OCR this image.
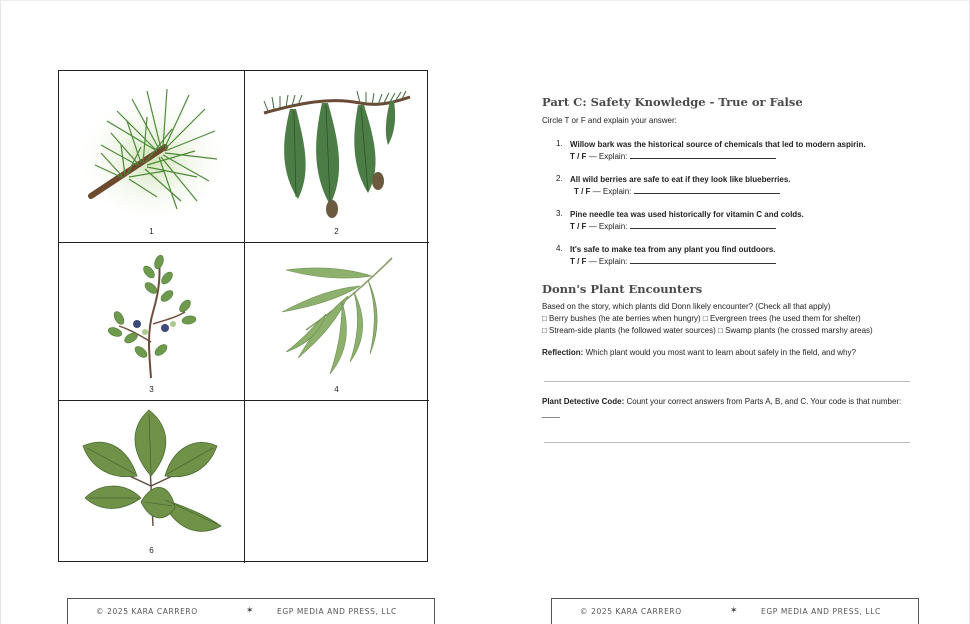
1	2
3	4
6
Part C: Safety Knowledge - True or False
Circle T or F and explain your answer:
1. Willow bark was the historical source of chemicals that led to modern aspirin.
T / F — Explain:
2. All wild berries are safe to eat if they look like blueberries.
T / F — Explain:
3. Pine needle tea was used historically for vitamin C and colds.
T / F — Explain:
4. It's safe to make tea from any plant you find outdoors.
T / F — Explain:
Donn's Plant Encounters
Based on the story, which plants did Donn likely encounter? (Check all that apply)
□ Berry bushes (he ate berries when hungry) □ Evergreen trees (he used them for shelter)
□ Stream-side plants (he followed water sources) □ Swamp plants (he crossed marshy areas)
Reflection: Which plant would you most want to learn about safely in the field, and why?
Plant Detective Code: Count your correct answers from Parts A, B, and C. Your code is that number: ____
© 2025 KARA CARRERO	✶	EGP MEDIA AND PRESS, LLC	© 2025 KARA CARRERO	✶	EGP MEDIA AND PRESS, LLC
